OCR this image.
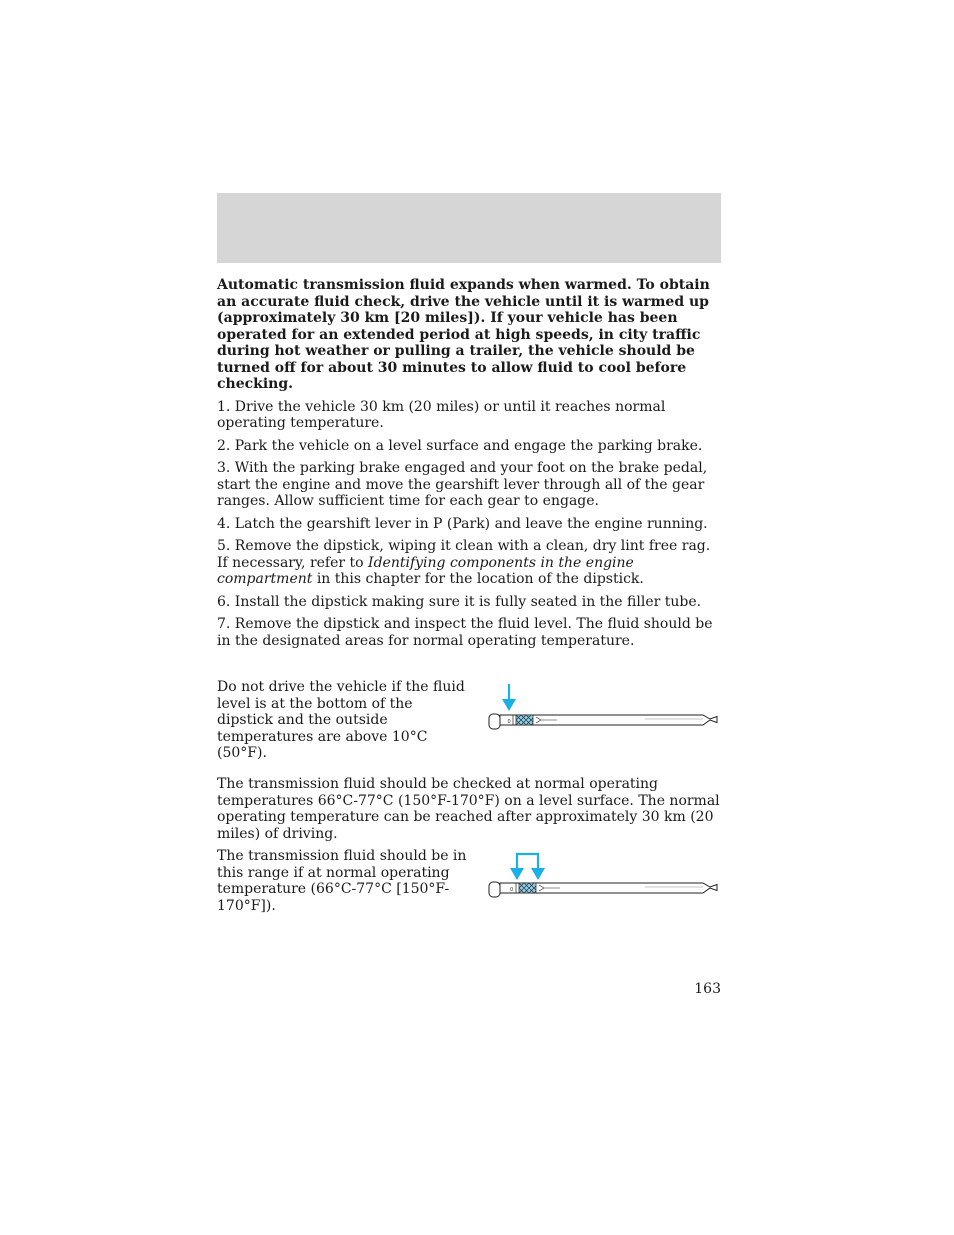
Automatic transmission fluid expands when warmed. To obtain an accurate fluid check, drive the vehicle until it is warmed up (approximately 30 km [20 miles]). If your vehicle has been operated for an extended period at high speeds, in city traffic during hot weather or pulling a trailer, the vehicle should be turned off for about 30 minutes to allow fluid to cool before checking.

1. Drive the vehicle 30 km (20 miles) or until it reaches normal operating temperature.

2. Park the vehicle on a level surface and engage the parking brake.

3. With the parking brake engaged and your foot on the brake pedal, start the engine and move the gearshift lever through all of the gear ranges. Allow sufficient time for each gear to engage.

4. Latch the gearshift lever in P (Park) and leave the engine running.

5. Remove the dipstick, wiping it clean with a clean, dry lint free rag. If necessary, refer to Identifying components in the engine compartment in this chapter for the location of the dipstick.

6. Install the dipstick making sure it is fully seated in the filler tube.

7. Remove the dipstick and inspect the fluid level. The fluid should be in the designated areas for normal operating temperature.

Do not drive the vehicle if the fluid level is at the bottom of the dipstick and the outside temperatures are above 10°C (50°F).

0

The transmission fluid should be checked at normal operating temperatures 66°C-77°C (150°F-170°F) on a level surface. The normal operating temperature can be reached after approximately 30 km (20 miles) of driving.

The transmission fluid should be in this range if at normal operating temperature (66°C-77°C [150°F-170°F]).

0
163
